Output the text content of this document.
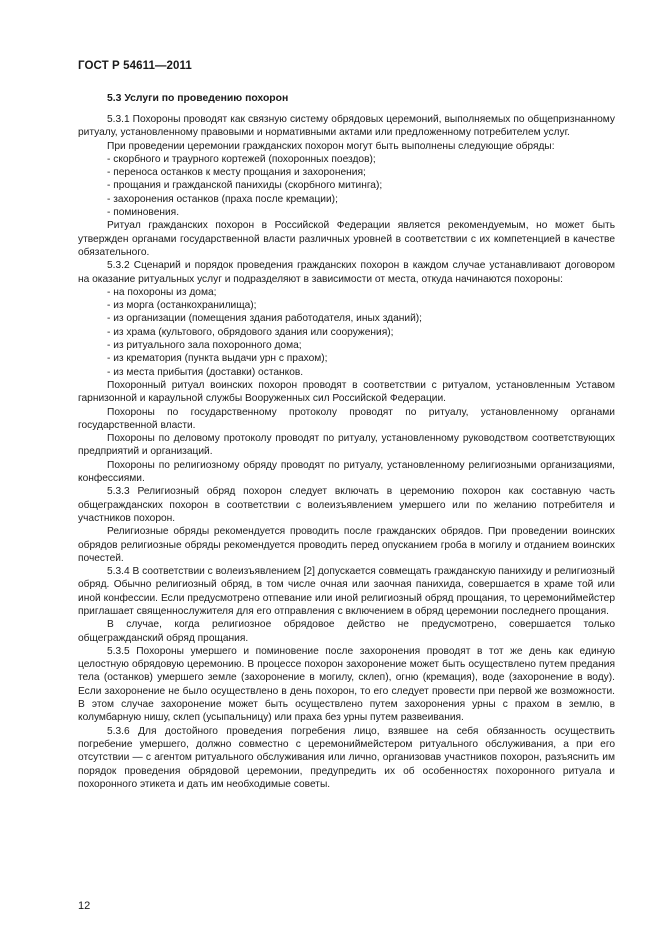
ГОСТ Р 54611—2011
5.3 Услуги по проведению похорон

5.3.1 Похороны проводят как связную систему обрядовых церемоний, выполняемых по общепризнанному ритуалу, установленному правовыми и нормативными актами или предложенному потребителем услуг.

При проведении церемонии гражданских похорон могут быть выполнены следующие обряды:

- скорбного и траурного кортежей (похоронных поездов);

- переноса останков к месту прощания и захоронения;

- прощания и гражданской панихиды (скорбного митинга);

- захоронения останков (праха после кремации);

- поминовения.

Ритуал гражданских похорон в Российской Федерации является рекомендуемым, но может быть утвержден органами государственной власти различных уровней в соответствии с их компетенцией в качестве обязательного.

5.3.2 Сценарий и порядок проведения гражданских похорон в каждом случае устанавливают договором на оказание ритуальных услуг и подразделяют в зависимости от места, откуда начинаются похороны:

- на похороны из дома;

- из морга (останкохранилища);

- из организации (помещения здания работодателя, иных зданий);

- из храма (культового, обрядового здания или сооружения);

- из ритуального зала похоронного дома;

- из крематория (пункта выдачи урн с прахом);

- из места прибытия (доставки) останков.

Похоронный ритуал воинских похорон проводят в соответствии с ритуалом, установленным Уставом гарнизонной и караульной службы Вооруженных сил Российской Федерации.

Похороны по государственному протоколу проводят по ритуалу, установленному органами государственной власти.

Похороны по деловому протоколу проводят по ритуалу, установленному руководством соответствующих предприятий и организаций.

Похороны по религиозному обряду проводят по ритуалу, установленному религиозными организациями, конфессиями.

5.3.3 Религиозный обряд похорон следует включать в церемонию похорон как составную часть общегражданских похорон в соответствии с волеизъявлением умершего или по желанию потребителя и участников похорон.

Религиозные обряды рекомендуется проводить после гражданских обрядов. При проведении воинских обрядов религиозные обряды рекомендуется проводить перед опусканием гроба в могилу и отданием воинских почестей.

5.3.4 В соответствии с волеизъявлением [2] допускается совмещать гражданскую панихиду и религиозный обряд. Обычно религиозный обряд, в том числе очная или заочная панихида, совершается в храме той или иной конфессии. Если предусмотрено отпевание или иной религиозный обряд прощания, то церемониймейстер приглашает священнослужителя для его отправления с включением в обряд церемонии последнего прощания.

В случае, когда религиозное обрядовое действо не предусмотрено, совершается только общегражданский обряд прощания.

5.3.5 Похороны умершего и поминовение после захоронения проводят в тот же день как единую целостную обрядовую церемонию. В процессе похорон захоронение может быть осуществлено путем предания тела (останков) умершего земле (захоронение в могилу, склеп), огню (кремация), воде (захоронение в воду). Если захоронение не было осуществлено в день похорон, то его следует провести при первой же возможности. В этом случае захоронение может быть осуществлено путем захоронения урны с прахом в землю, в колумбарную нишу, склеп (усыпальницу) или праха без урны путем развеивания.

5.3.6 Для достойного проведения погребения лицо, взявшее на себя обязанность осуществить погребение умершего, должно совместно с церемониймейстером ритуального обслуживания, а при его отсутствии — с агентом ритуального обслуживания или лично, организовав участников похорон, разъяснить им порядок проведения обрядовой церемонии, предупредить их об особенностях похоронного ритуала и похоронного этикета и дать им необходимые советы.

12
